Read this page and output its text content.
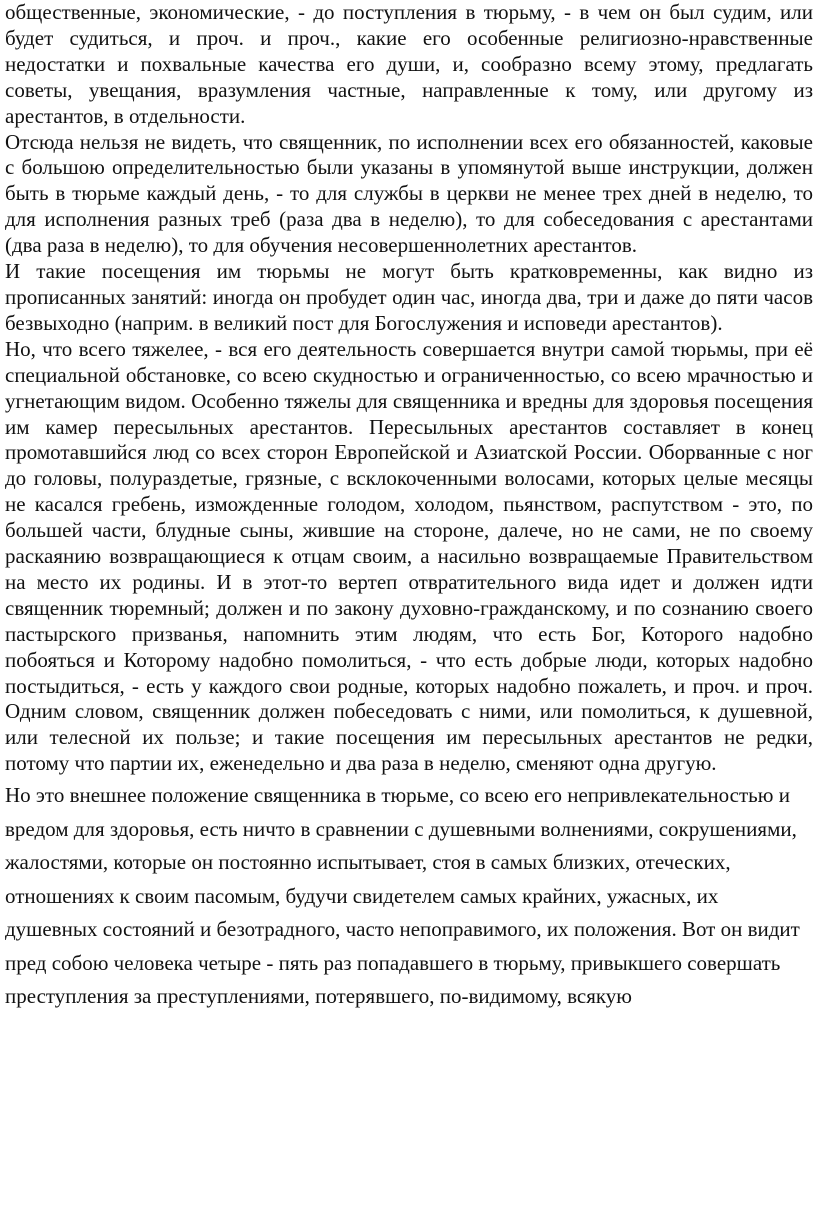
общественные, экономические, - до поступления в тюрьму, - в чем он был судим, или будет судиться, и проч. и проч., какие его особенные религиозно-нравственные недостатки и похвальные качества его души, и, сообразно всему этому, предлагать советы, увещания, вразумления частные, направленные к тому, или другому из арестантов, в отдельности.

Отсюда нельзя не видеть, что священник, по исполнении всех его обязанностей, каковые с большою определительностью были указаны в упомянутой выше инструкции, должен быть в тюрьме каждый день, - то для службы в церкви не менее трех дней в неделю, то для исполнения разных треб (раза два в неделю), то для собеседования с арестантами (два раза в неделю), то для обучения несовершеннолетних арестантов.

И такие посещения им тюрьмы не могут быть кратковременны, как видно из прописанных занятий: иногда он пробудет один час, иногда два, три и даже до пяти часов безвыходно (наприм. в великий пост для Богослужения и исповеди арестантов).

Но, что всего тяжелее, - вся его деятельность совершается внутри самой тюрьмы, при её специальной обстановке, со всею скудностью и ограниченностью, со всею мрачностью и угнетающим видом. Особенно тяжелы для священника и вредны для здоровья посещения им камер пересыльных арестантов. Пересыльных арестантов составляет в конец промотавшийся люд со всех сторон Европейской и Азиатской России. Оборванные с ног до головы, полураздетые, грязные, с всклокоченными волосами, которых целые месяцы не касался гребень, изможденные голодом, холодом, пьянством, распутством - это, по большей части, блудные сыны, жившие на стороне, далече, но не сами, не по своему раскаянию возвращающиеся к отцам своим, а насильно возвращаемые Правительством на место их родины. И в этот-то вертеп отвратительного вида идет и должен идти священник тюремный; должен и по закону духовно-гражданскому, и по сознанию своего пастырского призванья, напомнить этим людям, что есть Бог, Которого надобно побояться и Которому надобно помолиться, - что есть добрые люди, которых надобно постыдиться, - есть у каждого свои родные, которых надобно пожалеть, и проч. и проч. Одним словом, священник должен побеседовать с ними, или помолиться, к душевной, или телесной их пользе; и такие посещения им пересыльных арестантов не редки, потому что партии их, еженедельно и два раза в неделю, сменяют одна другую.

Но это внешнее положение священника в тюрьме, со всею его непривлекательностью и вредом для здоровья, есть ничто в сравнении с душевными волнениями, сокрушениями, жалостями, которые он постоянно испытывает, стоя в самых близких, отеческих, отношениях к своим пасомым, будучи свидетелем самых крайних, ужасных, их душевных состояний и безотрадного, часто непоправимого, их положения. Вот он видит пред собою человека четыре - пять раз попадавшего в тюрьму, привыкшего совершать преступления за преступлениями, потерявшего, по-видимому, всякую
